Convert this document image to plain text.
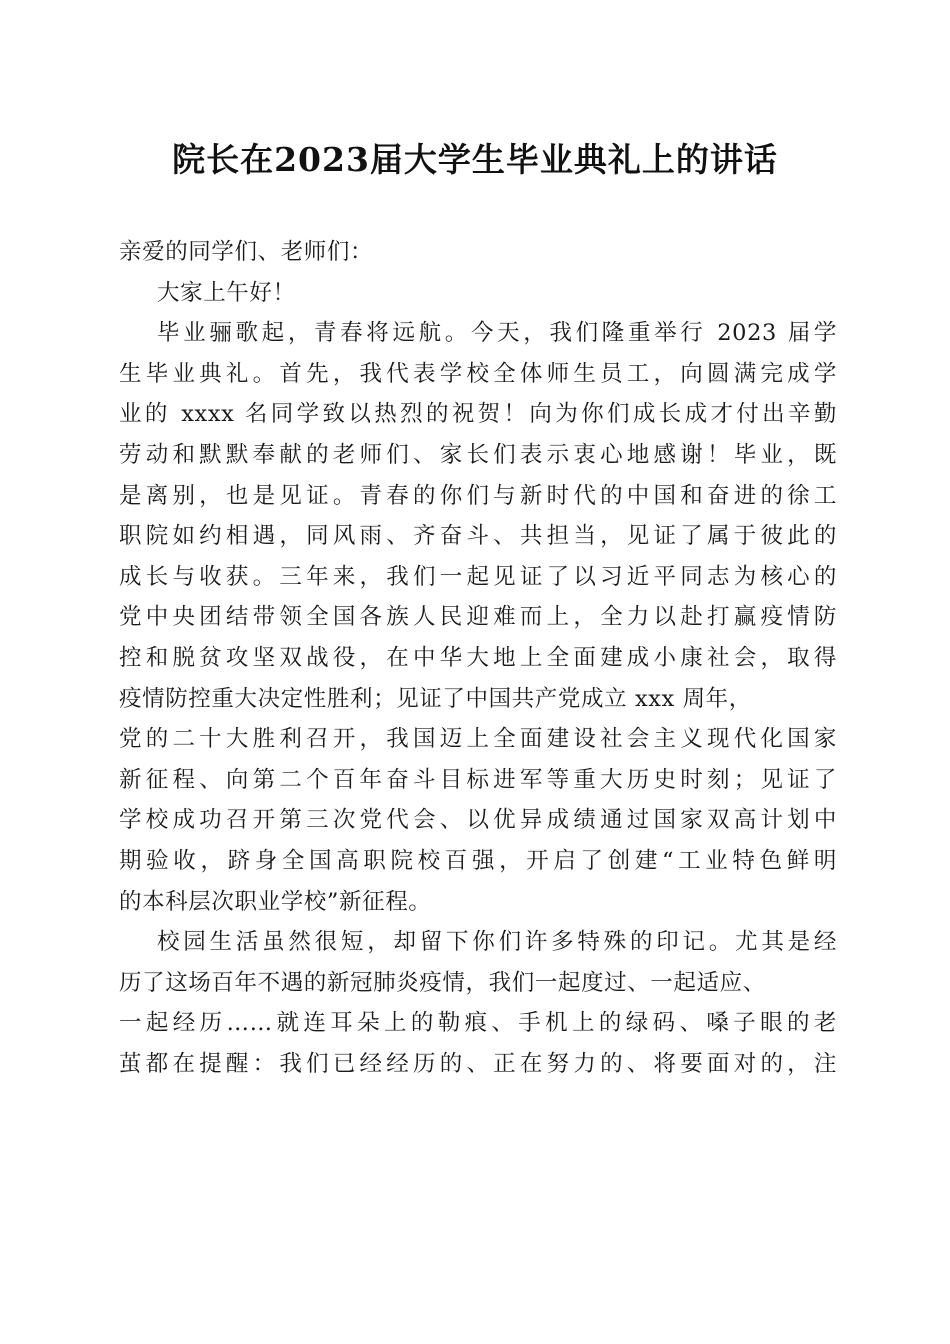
院长在2023届大学生毕业典礼上的讲话
亲爱的同学们、老师们：
大家上午好！
毕业骊歌起，青春将远航。今天，我们隆重举行 2023 届学
生毕业典礼。首先，我代表学校全体师生员工，向圆满完成学
业的 xxxx 名同学致以热烈的祝贺！向为你们成长成才付出辛勤
劳动和默默奉献的老师们、家长们表示衷心地感谢！毕业，既
是离别，也是见证。青春的你们与新时代的中国和奋进的徐工
职院如约相遇，同风雨、齐奋斗、共担当，见证了属于彼此的
成长与收获。三年来，我们一起见证了以习近平同志为核心的
党中央团结带领全国各族人民迎难而上，全力以赴打赢疫情防
控和脱贫攻坚双战役，在中华大地上全面建成小康社会，取得
疫情防控重大决定性胜利；见证了中国共产党成立 xxx 周年，
党的二十大胜利召开，我国迈上全面建设社会主义现代化国家
新征程、向第二个百年奋斗目标进军等重大历史时刻；见证了
学校成功召开第三次党代会、以优异成绩通过国家双高计划中
期验收，跻身全国高职院校百强，开启了创建“工业特色鲜明
的本科层次职业学校”新征程。
校园生活虽然很短，却留下你们许多特殊的印记。尤其是经
历了这场百年不遇的新冠肺炎疫情，我们一起度过、一起适应、
一起经历……就连耳朵上的勒痕、手机上的绿码、嗓子眼的老
茧都在提醒：我们已经经历的、正在努力的、将要面对的，注
